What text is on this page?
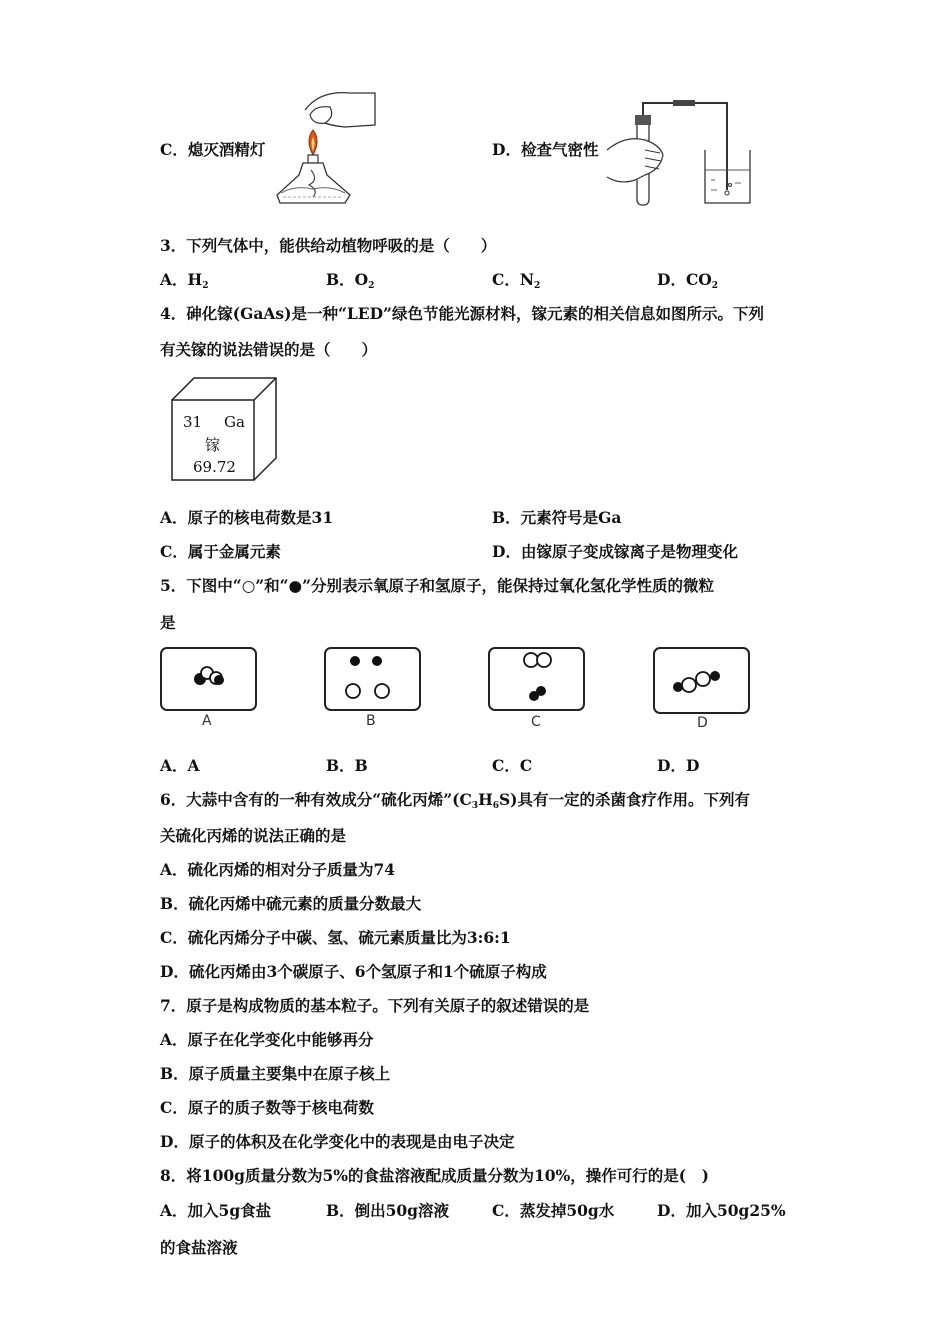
C．熄灭酒精灯	D．检查气密性
3．下列气体中，能供给动植物呼吸的是（　　）
A．$H_2$	B．$O_2$	C．$N_2$	D．$CO_2$
4．砷化镓(GaAs)是一种“LED”绿色节能光源材料，镓元素的相关信息如图所示。下列
有关镓的说法错误的是（　　）
31 Ga
镓
69.72
A．原子的核电荷数是31	B．元素符号是Ga
C．属于金属元素	D．由镓原子变成镓离子是物理变化
5．下图中“○”和“●”分别表示氧原子和氢原子，能保持过氧化氢化学性质的微粒
是
A	B	C	D
A．A	B．B	C．C	D．D
6．大蒜中含有的一种有效成分“硫化丙烯$”(C_3H_6S)$具有一定的杀菌食疗作用。下列有
关硫化丙烯的说法正确的是
A．硫化丙烯的相对分子质量为74
B．硫化丙烯中硫元素的质量分数最大
C．硫化丙烯分子中碳、氢、硫元素质量比为3:6:1
D．硫化丙烯由3个碳原子、6个氢原子和1个硫原子构成
7．原子是构成物质的基本粒子。下列有关原子的叙述错误的是
A．原子在化学变化中能够再分
B．原子质量主要集中在原子核上
C．原子的质子数等于核电荷数
D．原子的体积及在化学变化中的表现是由电子决定
8．将100g质量分数为5%的食盐溶液配成质量分数为10%，操作可行的是(　)
A．加入5g食盐	B．倒出50g溶液	C．蒸发掉50g水	D．加入50g25%
的食盐溶液
